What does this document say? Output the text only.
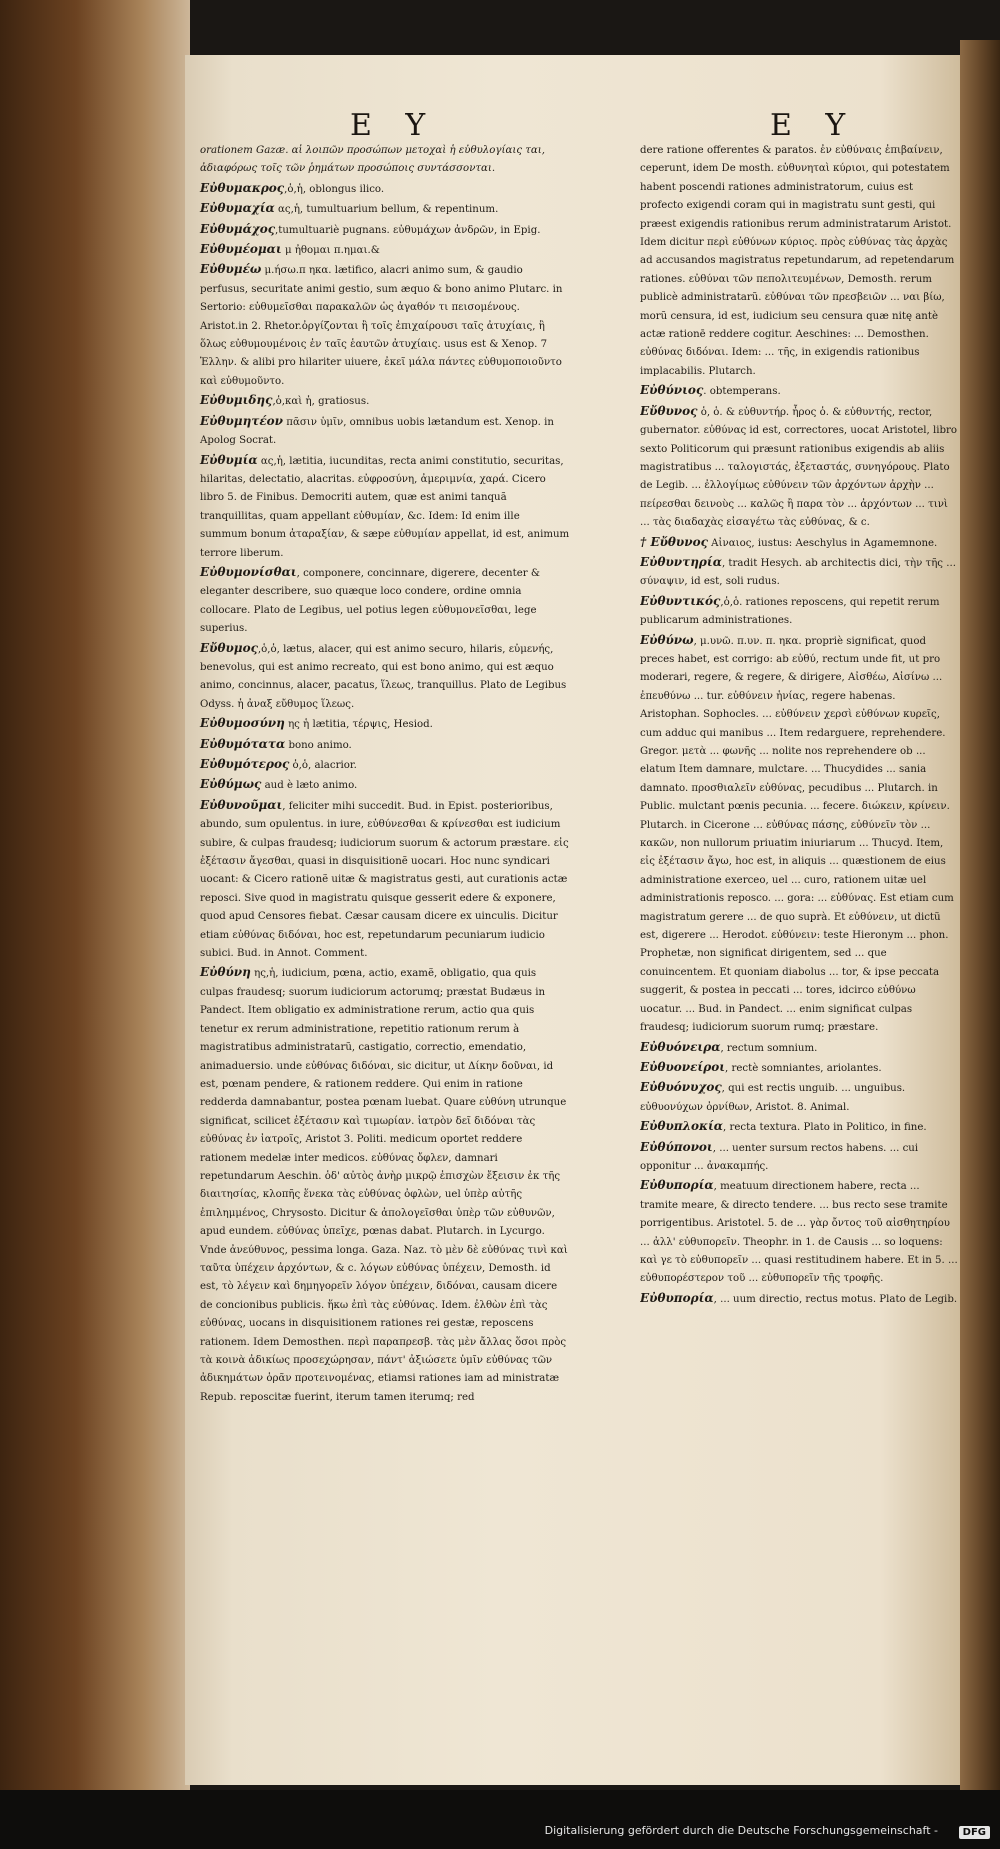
E Y	E Y

orationem Gazæ. αἱ λοιπῶν προσώπων μετοχαὶ ἡ εὐθυλογίαις ται, ἀδιαφόρως τοῖς τῶν ῥημάτων προσώποις συντάσσονται.

Εὐθυμακρος,ὁ,ἡ, oblongus ilico.

Εὐθυμαχία ας,ἡ, tumultuarium bellum, & repentinum.

Εὐθυμάχος,tumultuariè pugnans. εὐθυμάχων ἀνδρῶν, in Epig.

Εὐθυμέομαι μ ἠθομαι π.ημαι.&

Εὐθυμέω μ.ήσω.π ηκα. lætifico, alacri animo sum, & gaudio perfusus, securitate animi gestio, sum æquo & bono animo Plutarc. in Sertorio: εὐθυμεῖσθαι παρακαλῶν ὡς ἀγαθόν τι πεισομένους. Aristot.in 2. Rhetor.ὀργίζονται ἢ τοῖς ἐπιχαίρουσι ταῖς ἀτυχίαις, ἢ ὅλως εὐθυμουμένοις ἐν ταῖς ἑαυτῶν ἀτυχίαις. usus est & Xenop. 7 Ἑλλην. & alibi pro hilariter uiuere, ἐκεῖ μάλα πάντες εὐθυμοποιοῦντο καὶ εὐθυμοῦντο.

Εὐθυμιδης,ὁ,καὶ ἡ, gratiosus.

Εὐθυμητέον πᾶσιν ὑμῖν, omnibus uobis lætandum est. Xenop. in Apolog Socrat.

Εὐθυμία ας,ἡ, lætitia, iucunditas, recta animi constitutio, securitas, hilaritas, delectatio, alacritas. εὐφροσύνη, ἀμεριμνία, χαρά. Cicero libro 5. de Finibus. Democriti autem, quæ est animi tanquã tranquillitas, quam appellant εὐθυμίαν, &c. Idem: Id enim ille summum bonum ἀταραξίαν, & sæpe εὐθυμίαν appellat, id est, animum terrore liberum.

Εὐθυμονίσθαι, componere, concinnare, digerere, decenter & eleganter describere, suo quæque loco condere, ordine omnia collocare. Plato de Legibus, uel potius legen εὐθυμονεῖσθαι, lege superius.

Εὔθυμος,ὁ,ὁ, lætus, alacer, qui est animo securo, hilaris, εὐμενής, benevolus, qui est animo recreato, qui est bono animo, qui est æquo animo, concinnus, alacer, pacatus, ἵλεως, tranquillus. Plato de Legibus Odyss. ἡ ἀναξ εὔθυμος ἵλεως.

Εὐθυμοσύνη ης ἡ lætitia, τέρψις, Hesiod.

Εὐθυμότατα bono animo.

Εὐθυμότερος ὁ,ὁ, alacrior.

Εὐθύμως aud è læto animo.

Εὐθυνοῦμαι, feliciter mihi succedit. Bud. in Epist. posterioribus, abundo, sum opulentus. in iure, εὐθύνεσθαι & κρίνεσθαι est iudicium subire, & culpas fraudesq; iudiciorum suorum & actorum præstare. εἰς ἐξέτασιν ἄγεσθαι, quasi in disquisitionẽ uocari. Hoc nunc syndicari uocant: & Cicero rationẽ uitæ & magistratus gesti, aut curationis actæ reposci. Sive quod in magistratu quisque gesserit edere & exponere, quod apud Censores fiebat. Cæsar causam dicere ex uinculis. Dicitur etiam εὐθύνας διδόναι, hoc est, repetundarum pecuniarum iudicio subici. Bud. in Annot. Comment.

Εὐθύνη ης,ἡ, iudicium, pœna, actio, examẽ, obligatio, qua quis culpas fraudesq; suorum iudiciorum actorumq; præstat Budæus in Pandect. Item obligatio ex administratione rerum, actio qua quis tenetur ex rerum administratione, repetitio rationum rerum à magistratibus administratarũ, castigatio, correctio, emendatio, animaduersio. unde εὐθύνας διδόναι, sic dicitur, ut Δίκην δοῦναι, id est, pœnam pendere, & rationem reddere. Qui enim in ratione redderda damnabantur, postea pœnam luebat. Quare εὐθύνη utrunque significat, scilicet ἐξέτασιν καὶ τιμωρίαν. ἰατρὸν δεῖ διδόναι τὰς εὐθύνας ἐν ἰατροῖς, Aristot 3. Politi. medicum oportet reddere rationem medelæ inter medicos. εὐθύνας ὄφλεν, damnari repetundarum Aeschin. ὁδ' αὐτὸς ἀνὴρ μικρῷ ἐπισχὼν ἔξεισιν ἐκ τῆς διαιτησίας, κλοπῆς ἕνεκα τὰς εὐθύνας ὀφλὼν, uel ὑπὲρ αὐτῆς ἐπιλημμένος, Chrysosto. Dicitur & ἀπολογεῖσθαι ὑπὲρ τῶν εὐθυνῶν, apud eundem. εὐθύνας ὑπεῖχε, pœnas dabat. Plutarch. in Lycurgo. Vnde ἀνεύθυνος, pessima longa. Gaza. Naz. τὸ μὲν δὲ εὐθύνας τινὶ καὶ ταῦτα ὑπέχειν ἀρχόντων, & c. λόγων εὐθύνας ὑπέχειν, Demosth. id est, τὸ λέγειν καὶ δημηγορεῖν λόγον ὑπέχειν, διδόναι, causam dicere de concionibus publicis. ἥκω ἐπὶ τὰς εὐθύνας. Idem. ἐλθὼν ἐπὶ τὰς εὐθύνας, uocans in disquisitionem rationes rei gestæ, reposcens rationem. Idem Demosthen. περὶ παραπρεσβ. τὰς μὲν ἄλλας ὅσοι πρὸς τὰ κοινὰ ἀδικίως προσεχώρησαν, πάντ' ἀξιώσετε ὑμῖν εὐθύνας τῶν ἀδικημάτων ὁρᾶν προτεινομένας, etiamsi rationes iam ad ministratæ Repub. reposcitæ fuerint, iterum tamen iterumq; red

dere ratione offerentes & paratos. ἐν εὐθύναις ἐπιβαίνειν, ceperunt, idem De mosth. εὐθυνηταὶ κύριοι, qui potestatem habent poscendi rationes administratorum, cuius est profecto exigendi coram qui in magistratu sunt gesti, qui præest exigendis rationibus rerum administratarum Aristot. Idem dicitur περὶ εὐθύνων κύριος. πρὸς εὐθύνας τὰς ἀρχὰς ad accusandos magistratus repetundarum, ad repetendarum rationes. εὐθύναι τῶν πεπολιτευμένων, Demosth. rerum publicè administratarũ. εὐθύναι τῶν πρεσβειῶν ... ναι βίω, morũ censura, id est, iudicium seu censura quæ nitę antè actæ rationē reddere cogitur. Aeschines: ... Demosthen. εὐθύνας διδόναι. Idem: ... τῆς, in exigendis rationibus implacabilis. Plutarch.

Εὐθύνιος. obtemperans.

Εὔθυνος ὁ, ὁ. & εὐθυντήρ. ἦρος ὁ. & εὐθυντής, rector, gubernator. εὐθύνας id est, correctores, uocat Aristotel, libro sexto Politicorum qui præsunt rationibus exigendis ab aliis magistratibus ... ταλογιστάς, ἐξεταστάς, συνηγόρους. Plato de Legib. ... ἐλλογίμως εὐθύνειν τῶν ἀρχόντων ἀρχὴν ... πείρεσθαι δεινοὺς ... καλῶς ἢ παρα τὸν ... ἀρχόντων ... τινὶ ... τὰς διαδαχὰς εἰσαγέτω τὰς εὐθύνας, & c.

† Εὔθυνος Αἰναιος, iustus: Aeschylus in Agamemnone.

Εὐθυντηρία, tradit Hesych. ab architectis dici, τὴν τῆς ... σύναψιν, id est, soli rudus.

Εὐθυντικός,ὁ,ὁ. rationes reposcens, qui repetit rerum publicarum administrationes.

Εὐθύνω, μ.υνῶ. π.υν. π. ηκα. propriè significat, quod preces habet, est corrigo: ab εὐθύ, rectum unde fit, ut pro moderari, regere, & regere, & dirigere, Αἰσθέω, Αἰσίνω ... ἐπευθύνω ... tur. εὐθύνειν ἡνίας, regere habenas. Aristophan. Sophocles. ... εὐθύνειν χερσὶ εὐθύνων κυρεῖς, cum adduc qui manibus ... Item redarguere, reprehendere. Gregor. μετὰ ... φωνῆς ... nolite nos reprehendere ob ... elatum Item damnare, mulctare. ... Thucydides ... sania damnato. προσθιαλεῖν εὐθύνας, pecudibus ... Plutarch. in Public. mulctant pœnis pecunia. ... fecere. διώκειν, κρίνειν. Plutarch. in Cicerone ... εὐθύνας πάσης, εὐθύνεῖν τὸν ... κακῶν, non nullorum priuatim iniuriarum ... Thucyd. Item, εἰς ἐξέτασιν ἄγω, hoc est, in aliquis ... quæstionem de eius administratione exerceo, uel ... curo, rationem uitæ uel administrationis reposco. ... gora: ... εὐθύνας. Est etiam cum magistratum gerere ... de quo suprà. Et εὐθύνειν, ut dictũ est, digerere ... Herodot. εὐθύνειν: teste Hieronym ... phon. Prophetæ, non significat dirigentem, sed ... que conuincentem. Et quoniam diabolus ... tor, & ipse peccata suggerit, & postea in peccati ... tores, idcirco εὐθύνω uocatur. ... Bud. in Pandect. ... enim significat culpas fraudesq; iudiciorum suorum rumq; præstare.

Εὐθυόνειρα, rectum somnium.

Εὐθυονείροι, rectè somniantes, ariolantes.

Εὐθυόνυχος, qui est rectis unguib. ... unguibus. εὐθυονύχων ὀρνίθων, Aristot. 8. Animal.

Εὐθυπλοκία, recta textura. Plato in Politico, in fine.

Εὐθύπονοι, ... uenter sursum rectos habens. ... cui opponitur ... ἀνακαμπής.

Εὐθυπορία, meatuum directionem habere, recta ... tramite meare, & directo tendere. ... bus recto sese tramite porrigentibus. Aristotel. 5. de ... γὰρ ὄντος τοῦ αἰσθητηρίου ... ἀλλ' εὐθυπορεῖν. Theophr. in 1. de Causis ... so loquens: καὶ γε τὸ εὐθυπορεῖν ... quasi restitudinem habere. Et in 5. ... εὐθυπορέστερον τοῦ ... εὐθυπορεῖν τῆς τροφῆς.

Εὐθυπορία, ... uum directio, rectus motus. Plato de Legib.

Digitalisierung gefördert durch die Deutsche Forschungsgemeinschaft -	DFG
